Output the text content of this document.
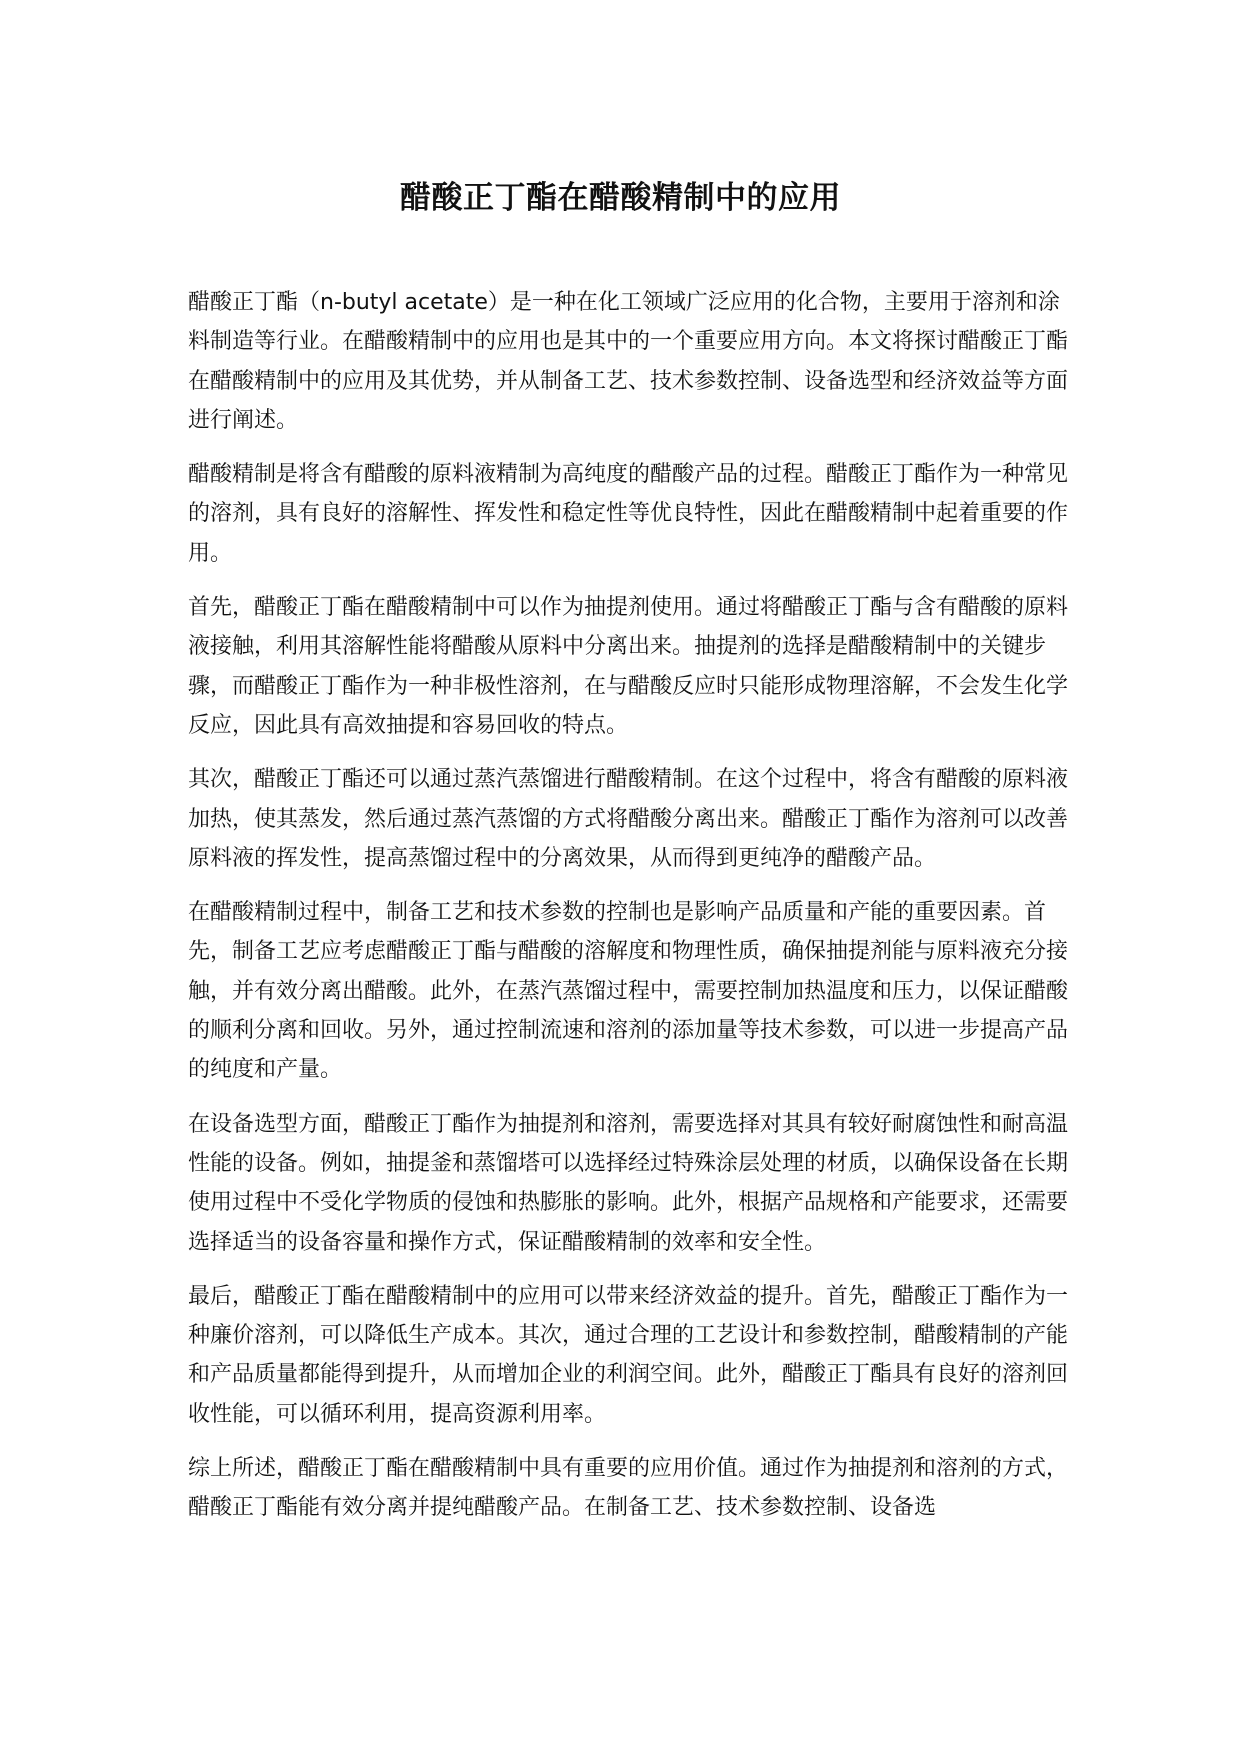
醋酸正丁酯在醋酸精制中的应用

醋酸正丁酯（n-butyl acetate）是一种在化工领域广泛应用的化合物，主要用于溶剂和涂料制造等行业。在醋酸精制中的应用也是其中的一个重要应用方向。本文将探讨醋酸正丁酯在醋酸精制中的应用及其优势，并从制备工艺、技术参数控制、设备选型和经济效益等方面进行阐述。

醋酸精制是将含有醋酸的原料液精制为高纯度的醋酸产品的过程。醋酸正丁酯作为一种常见的溶剂，具有良好的溶解性、挥发性和稳定性等优良特性，因此在醋酸精制中起着重要的作用。

首先，醋酸正丁酯在醋酸精制中可以作为抽提剂使用。通过将醋酸正丁酯与含有醋酸的原料液接触，利用其溶解性能将醋酸从原料中分离出来。抽提剂的选择是醋酸精制中的关键步骤，而醋酸正丁酯作为一种非极性溶剂，在与醋酸反应时只能形成物理溶解，不会发生化学反应，因此具有高效抽提和容易回收的特点。

其次，醋酸正丁酯还可以通过蒸汽蒸馏进行醋酸精制。在这个过程中，将含有醋酸的原料液加热，使其蒸发，然后通过蒸汽蒸馏的方式将醋酸分离出来。醋酸正丁酯作为溶剂可以改善原料液的挥发性，提高蒸馏过程中的分离效果，从而得到更纯净的醋酸产品。

在醋酸精制过程中，制备工艺和技术参数的控制也是影响产品质量和产能的重要因素。首先，制备工艺应考虑醋酸正丁酯与醋酸的溶解度和物理性质，确保抽提剂能与原料液充分接触，并有效分离出醋酸。此外，在蒸汽蒸馏过程中，需要控制加热温度和压力，以保证醋酸的顺利分离和回收。另外，通过控制流速和溶剂的添加量等技术参数，可以进一步提高产品的纯度和产量。

在设备选型方面，醋酸正丁酯作为抽提剂和溶剂，需要选择对其具有较好耐腐蚀性和耐高温性能的设备。例如，抽提釜和蒸馏塔可以选择经过特殊涂层处理的材质，以确保设备在长期使用过程中不受化学物质的侵蚀和热膨胀的影响。此外，根据产品规格和产能要求，还需要选择适当的设备容量和操作方式，保证醋酸精制的效率和安全性。

最后，醋酸正丁酯在醋酸精制中的应用可以带来经济效益的提升。首先，醋酸正丁酯作为一种廉价溶剂，可以降低生产成本。其次，通过合理的工艺设计和参数控制，醋酸精制的产能和产品质量都能得到提升，从而增加企业的利润空间。此外，醋酸正丁酯具有良好的溶剂回收性能，可以循环利用，提高资源利用率。

综上所述，醋酸正丁酯在醋酸精制中具有重要的应用价值。通过作为抽提剂和溶剂的方式，醋酸正丁酯能有效分离并提纯醋酸产品。在制备工艺、技术参数控制、设备选
